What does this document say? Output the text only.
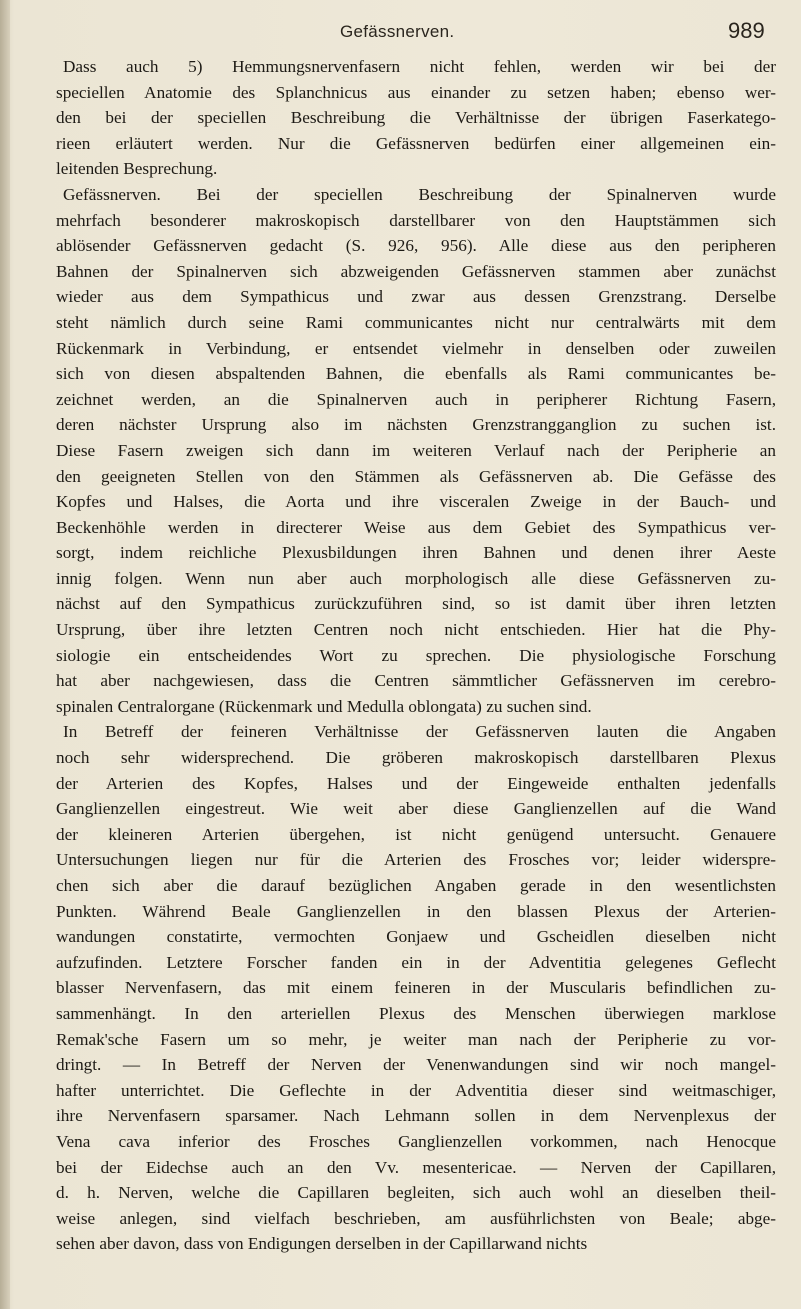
Gefässnerven.	989
Dass auch 5) Hemmungsnervenfasern nicht fehlen, werden wir bei der
speciellen Anatomie des Splanchnicus aus einander zu setzen haben; ebenso wer-
den bei der speciellen Beschreibung die Verhältnisse der übrigen Faserkatego-
rieen erläutert werden. Nur die Gefässnerven bedürfen einer allgemeinen ein-
leitenden Besprechung.
Gefässnerven. Bei der speciellen Beschreibung der Spinalnerven wurde
mehrfach besonderer makroskopisch darstellbarer von den Hauptstämmen sich
ablösender Gefässnerven gedacht (S. 926, 956). Alle diese aus den peripheren
Bahnen der Spinalnerven sich abzweigenden Gefässnerven stammen aber zunächst
wieder aus dem Sympathicus und zwar aus dessen Grenzstrang. Derselbe
steht nämlich durch seine Rami communicantes nicht nur centralwärts mit dem
Rückenmark in Verbindung, er entsendet vielmehr in denselben oder zuweilen
sich von diesen abspaltenden Bahnen, die ebenfalls als Rami communicantes be-
zeichnet werden, an die Spinalnerven auch in peripherer Richtung Fasern,
deren nächster Ursprung also im nächsten Grenzstrangganglion zu suchen ist.
Diese Fasern zweigen sich dann im weiteren Verlauf nach der Peripherie an
den geeigneten Stellen von den Stämmen als Gefässnerven ab. Die Gefässe des
Kopfes und Halses, die Aorta und ihre visceralen Zweige in der Bauch- und
Beckenhöhle werden in directerer Weise aus dem Gebiet des Sympathicus ver-
sorgt, indem reichliche Plexusbildungen ihren Bahnen und denen ihrer Aeste
innig folgen. Wenn nun aber auch morphologisch alle diese Gefässnerven zu-
nächst auf den Sympathicus zurückzuführen sind, so ist damit über ihren letzten
Ursprung, über ihre letzten Centren noch nicht entschieden. Hier hat die Phy-
siologie ein entscheidendes Wort zu sprechen. Die physiologische Forschung
hat aber nachgewiesen, dass die Centren sämmtlicher Gefässnerven im cerebro-
spinalen Centralorgane (Rückenmark und Medulla oblongata) zu suchen sind.
In Betreff der feineren Verhältnisse der Gefässnerven lauten die Angaben
noch sehr widersprechend. Die gröberen makroskopisch darstellbaren Plexus
der Arterien des Kopfes, Halses und der Eingeweide enthalten jedenfalls
Ganglienzellen eingestreut. Wie weit aber diese Ganglienzellen auf die Wand
der kleineren Arterien übergehen, ist nicht genügend untersucht. Genauere
Untersuchungen liegen nur für die Arterien des Frosches vor; leider widerspre-
chen sich aber die darauf bezüglichen Angaben gerade in den wesentlichsten
Punkten. Während Beale Ganglienzellen in den blassen Plexus der Arterien-
wandungen constatirte, vermochten Gonjaew und Gscheidlen dieselben nicht
aufzufinden. Letztere Forscher fanden ein in der Adventitia gelegenes Geflecht
blasser Nervenfasern, das mit einem feineren in der Muscularis befindlichen zu-
sammenhängt. In den arteriellen Plexus des Menschen überwiegen marklose
Remak'sche Fasern um so mehr, je weiter man nach der Peripherie zu vor-
dringt. — In Betreff der Nerven der Venenwandungen sind wir noch mangel-
hafter unterrichtet. Die Geflechte in der Adventitia dieser sind weitmaschiger,
ihre Nervenfasern sparsamer. Nach Lehmann sollen in dem Nervenplexus der
Vena cava inferior des Frosches Ganglienzellen vorkommen, nach Henocque
bei der Eidechse auch an den Vv. mesentericae. — Nerven der Capillaren,
d. h. Nerven, welche die Capillaren begleiten, sich auch wohl an dieselben theil-
weise anlegen, sind vielfach beschrieben, am ausführlichsten von Beale; abge-
sehen aber davon, dass von Endigungen derselben in der Capillarwand nichts
